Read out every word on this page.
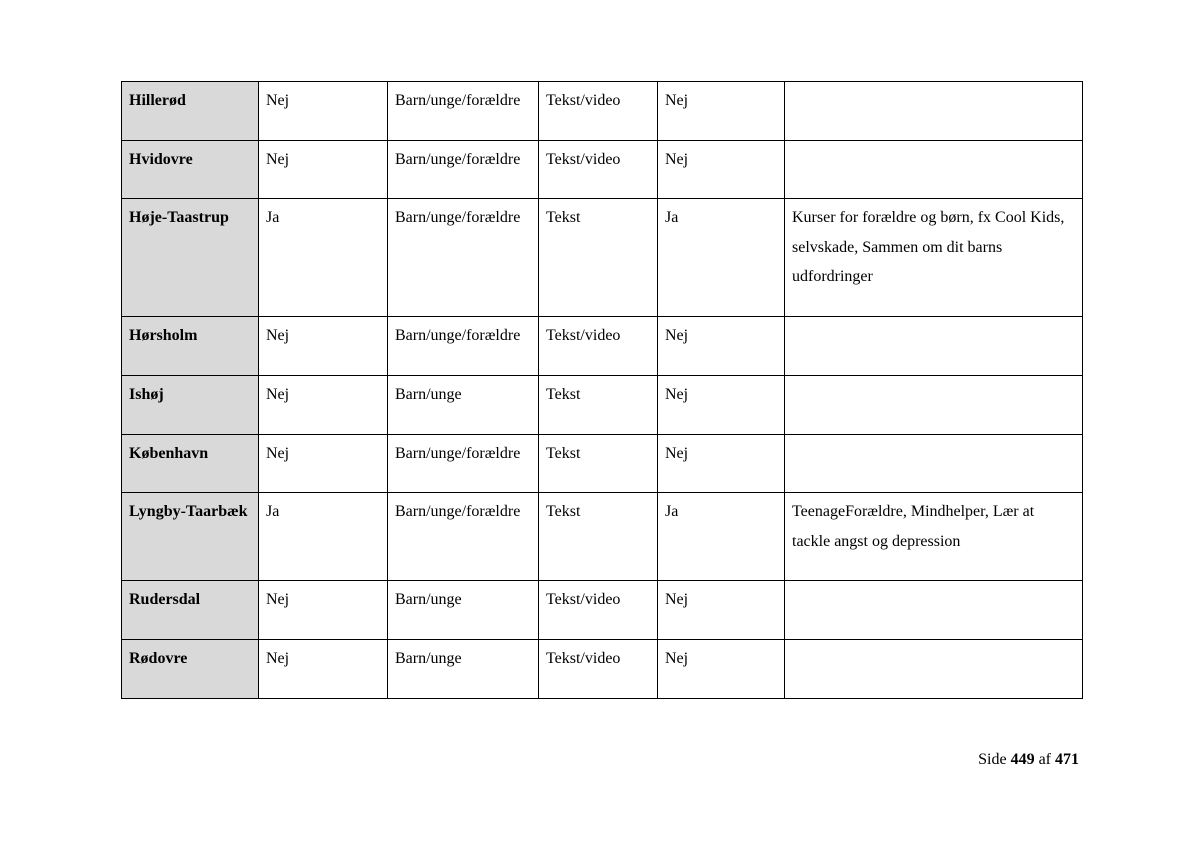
Hillerød	Nej	Barn/unge/forældre	Tekst/video	Nej	
Hvidovre	Nej	Barn/unge/forældre	Tekst/video	Nej	
Høje-Taastrup	Ja	Barn/unge/forældre	Tekst	Ja	Kurser for forældre og børn, fx Cool Kids, selvskade, Sammen om dit barns udfordringer
Hørsholm	Nej	Barn/unge/forældre	Tekst/video	Nej	
Ishøj	Nej	Barn/unge	Tekst	Nej	
København	Nej	Barn/unge/forældre	Tekst	Nej	
Lyngby-Taarbæk	Ja	Barn/unge/forældre	Tekst	Ja	TeenageForældre, Mindhelper, Lær at tackle angst og depression
Rudersdal	Nej	Barn/unge	Tekst/video	Nej	
Rødovre	Nej	Barn/unge	Tekst/video	Nej	
Side 449 af 471
